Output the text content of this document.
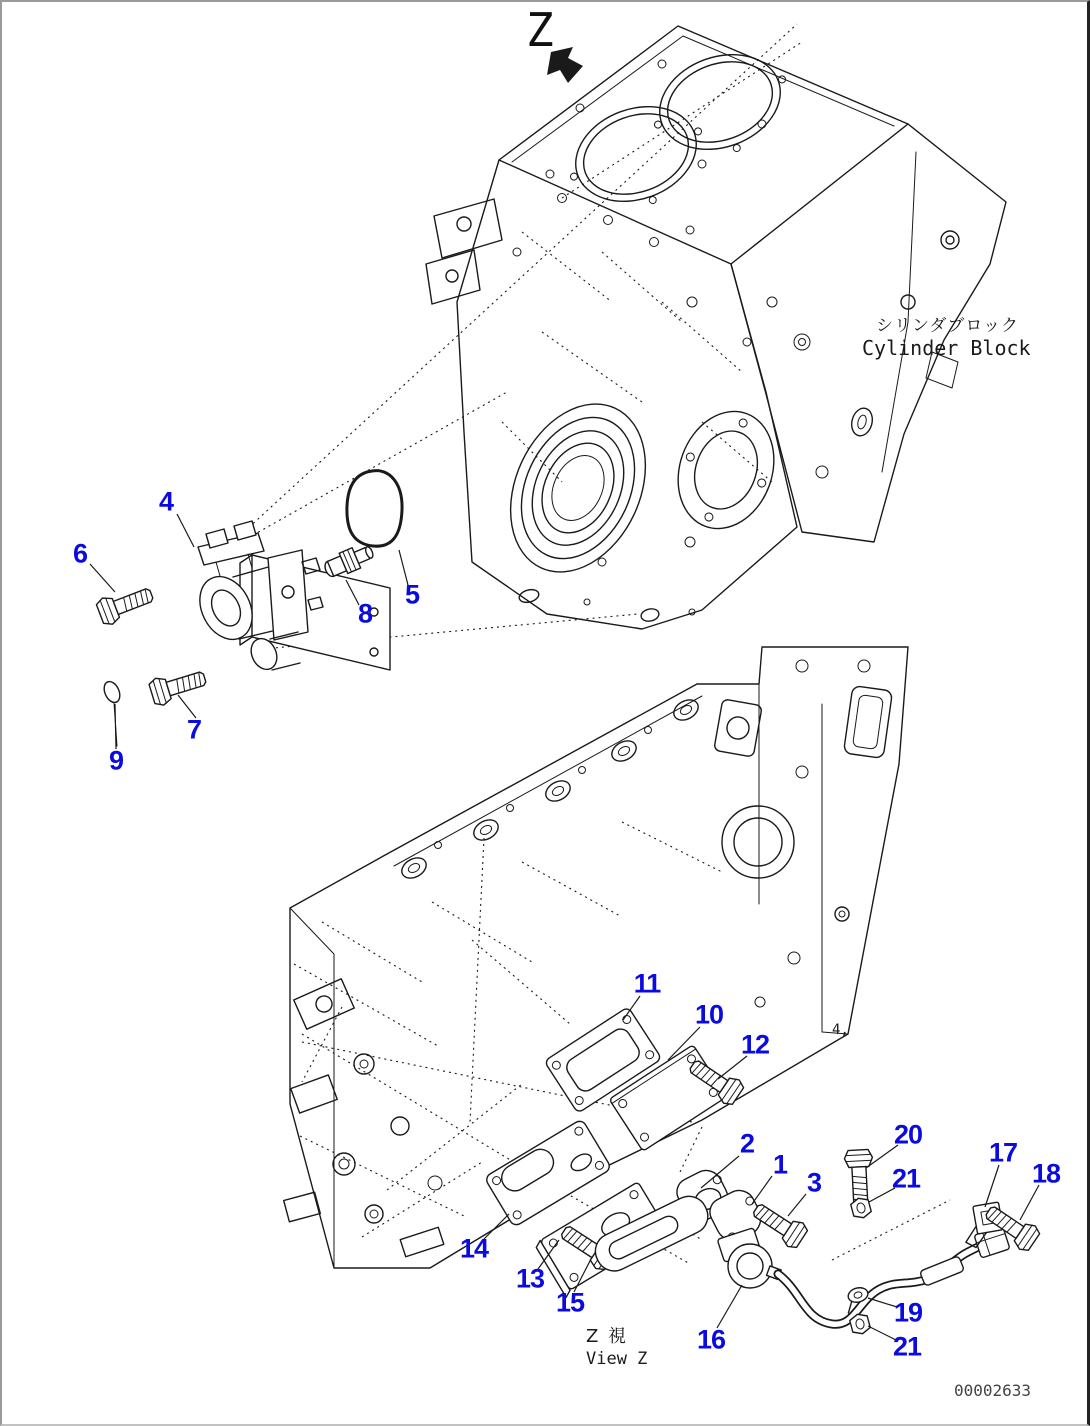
Z
4,
シリンダブロック
Cylinder Block
Z 視
View Z
00002633
4
6
5
8
7
9
11
10
12
2
1
3
20
21
17
18
14
13
15
16
19
21
